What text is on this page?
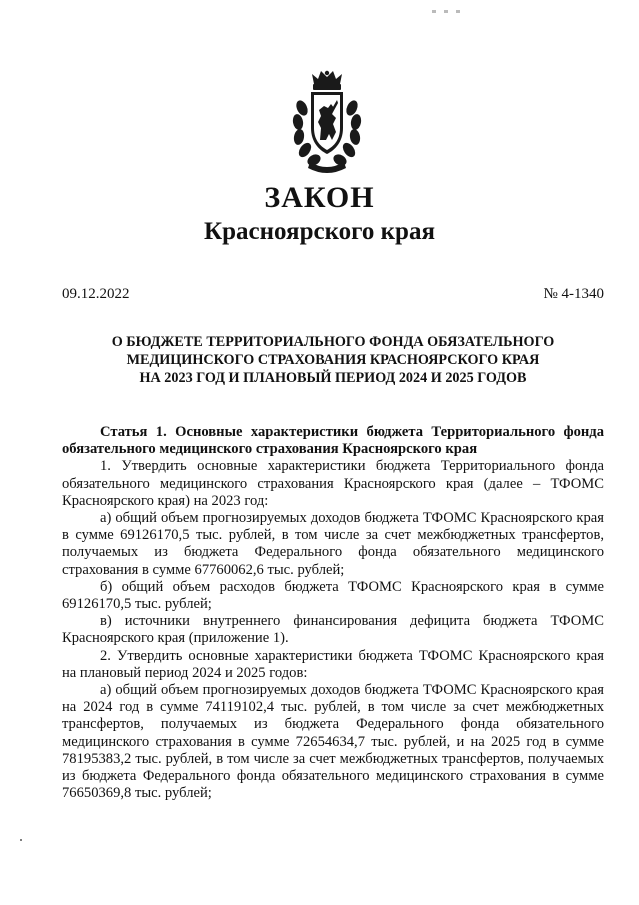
ЗАКОН
Красноярского края
09.12.2022	№ 4-1340
О БЮДЖЕТЕ ТЕРРИТОРИАЛЬНОГО ФОНДА ОБЯЗАТЕЛЬНОГО
МЕДИЦИНСКОГО СТРАХОВАНИЯ КРАСНОЯРСКОГО КРАЯ
НА 2023 ГОД И ПЛАНОВЫЙ ПЕРИОД 2024 И 2025 ГОДОВ

Статья 1. Основные характеристики бюджета Территориального фонда обязательного медицинского страхования Красноярского края

1. Утвердить основные характеристики бюджета Территориального фонда обязательного медицинского страхования Красноярского края (далее – ТФОМС Красноярского края) на 2023 год:

а) общий объем прогнозируемых доходов бюджета ТФОМС Красноярского края в сумме 69126170,5 тыс. рублей, в том числе за счет межбюджетных трансфертов, получаемых из бюджета Федерального фонда обязательного медицинского страхования в сумме 67760062,6 тыс. рублей;

б) общий объем расходов бюджета ТФОМС Красноярского края в сумме 69126170,5 тыс. рублей;

в) источники внутреннего финансирования дефицита бюджета ТФОМС Красноярского края (приложение 1).

2. Утвердить основные характеристики бюджета ТФОМС Красноярского края на плановый период 2024 и 2025 годов:

а) общий объем прогнозируемых доходов бюджета ТФОМС Красноярского края на 2024 год в сумме 74119102,4 тыс. рублей, в том числе за счет межбюджетных трансфертов, получаемых из бюджета Федерального фонда обязательного медицинского страхования в сумме 72654634,7 тыс. рублей, и на 2025 год в сумме 78195383,2 тыс. рублей, в том числе за счет межбюджетных трансфертов, получаемых из бюджета Федерального фонда обязательного медицинского страхования в сумме 76650369,8 тыс. рублей;
